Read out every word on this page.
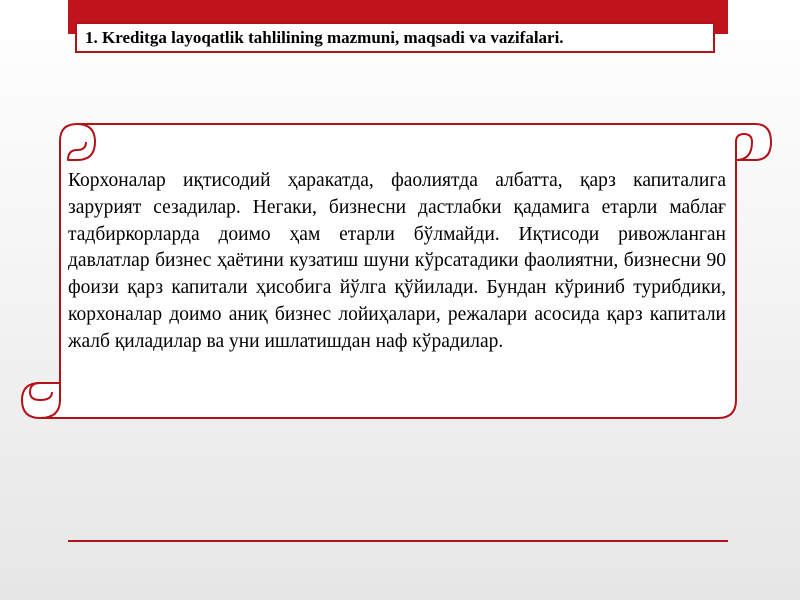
1. Kreditga layoqatlik tahlilining mazmuni, maqsadi va vazifalari.

Корхоналар иқтисодий ҳаракатда, фаолиятда албатта, қарз капиталига зарурият сезадилар. Негаки, бизнесни дастлабки қадамига етарли маблағ тадбиркорларда доимо ҳам етарли бўлмайди. Иқтисоди ривожланган давлатлар бизнес ҳаётини кузатиш шуни кўрсатадики фаолиятни, бизнесни 90 фоизи қарз капитали ҳисобига йўлга қўйилади. Бундан кўриниб турибдики, корхоналар доимо аниқ бизнес лойиҳалари, режалари асосида қарз капитали жалб қиладилар ва уни ишлатишдан наф кўрадилар.
